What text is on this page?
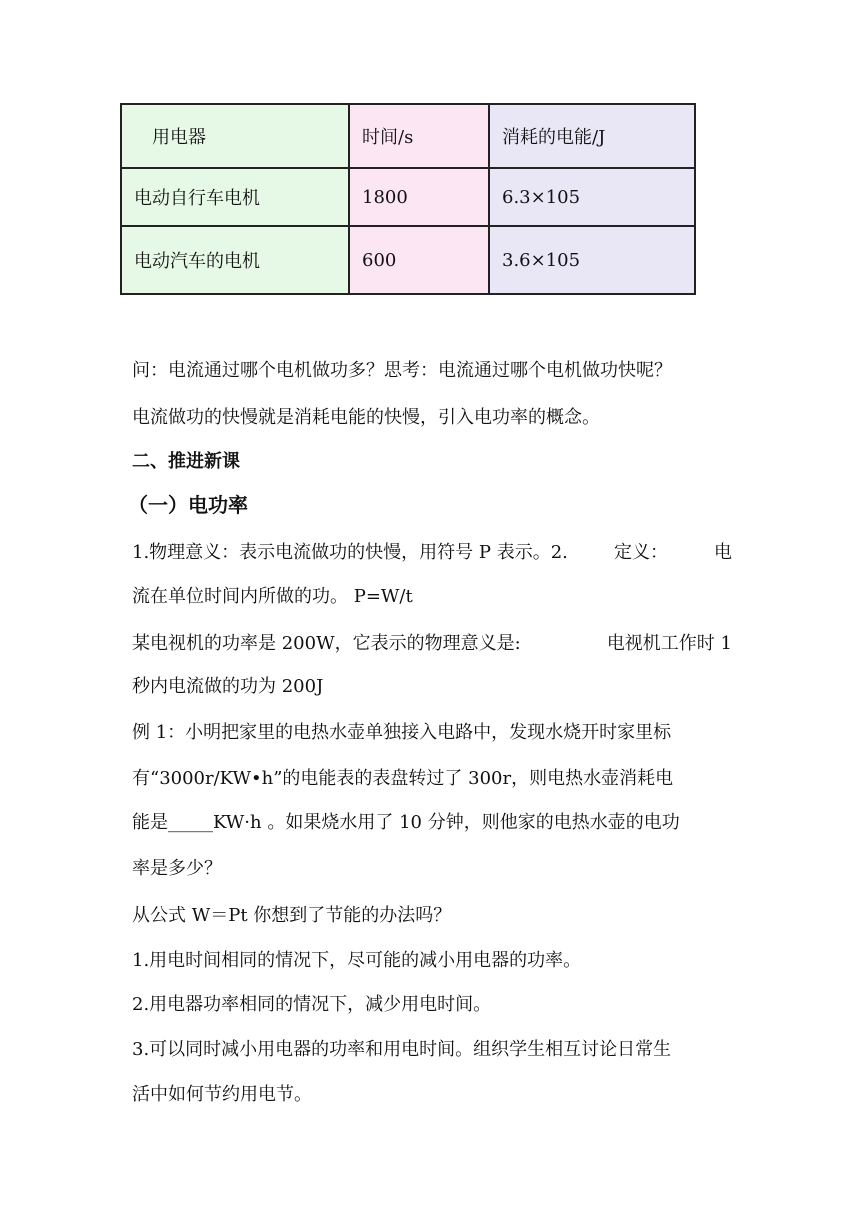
用电器	时间/s	消耗的电能/J
电动自行车电机	1800	6.3×105
电动汽车的电机	600	3.6×105
问：电流通过哪个电机做功多？思考：电流通过哪个电机做功快呢？
电流做功的快慢就是消耗电能的快慢，引入电功率的概念。
二、推进新课
（一）电功率
1.物理意义：表示电流做功的快慢，用符号 P 表示。2.	定义：	电
流在单位时间内所做的功。 P=W/t
某电视机的功率是 200W，它表示的物理意义是:	电视机工作时 1
秒内电流做的功为 200J
例 1：小明把家里的电热水壶单独接入电路中，发现水烧开时家里标
有“3000r/KW•h”的电能表的表盘转过了 300r，则电热水壶消耗电
能是_____KW·h 。如果烧水用了 10 分钟，则他家的电热水壶的电功
率是多少？
从公式 W＝Pt 你想到了节能的办法吗？
1.用电时间相同的情况下，尽可能的减小用电器的功率。
2.用电器功率相同的情况下，减少用电时间。
3.可以同时减小用电器的功率和用电时间。组织学生相互讨论日常生
活中如何节约用电节。
